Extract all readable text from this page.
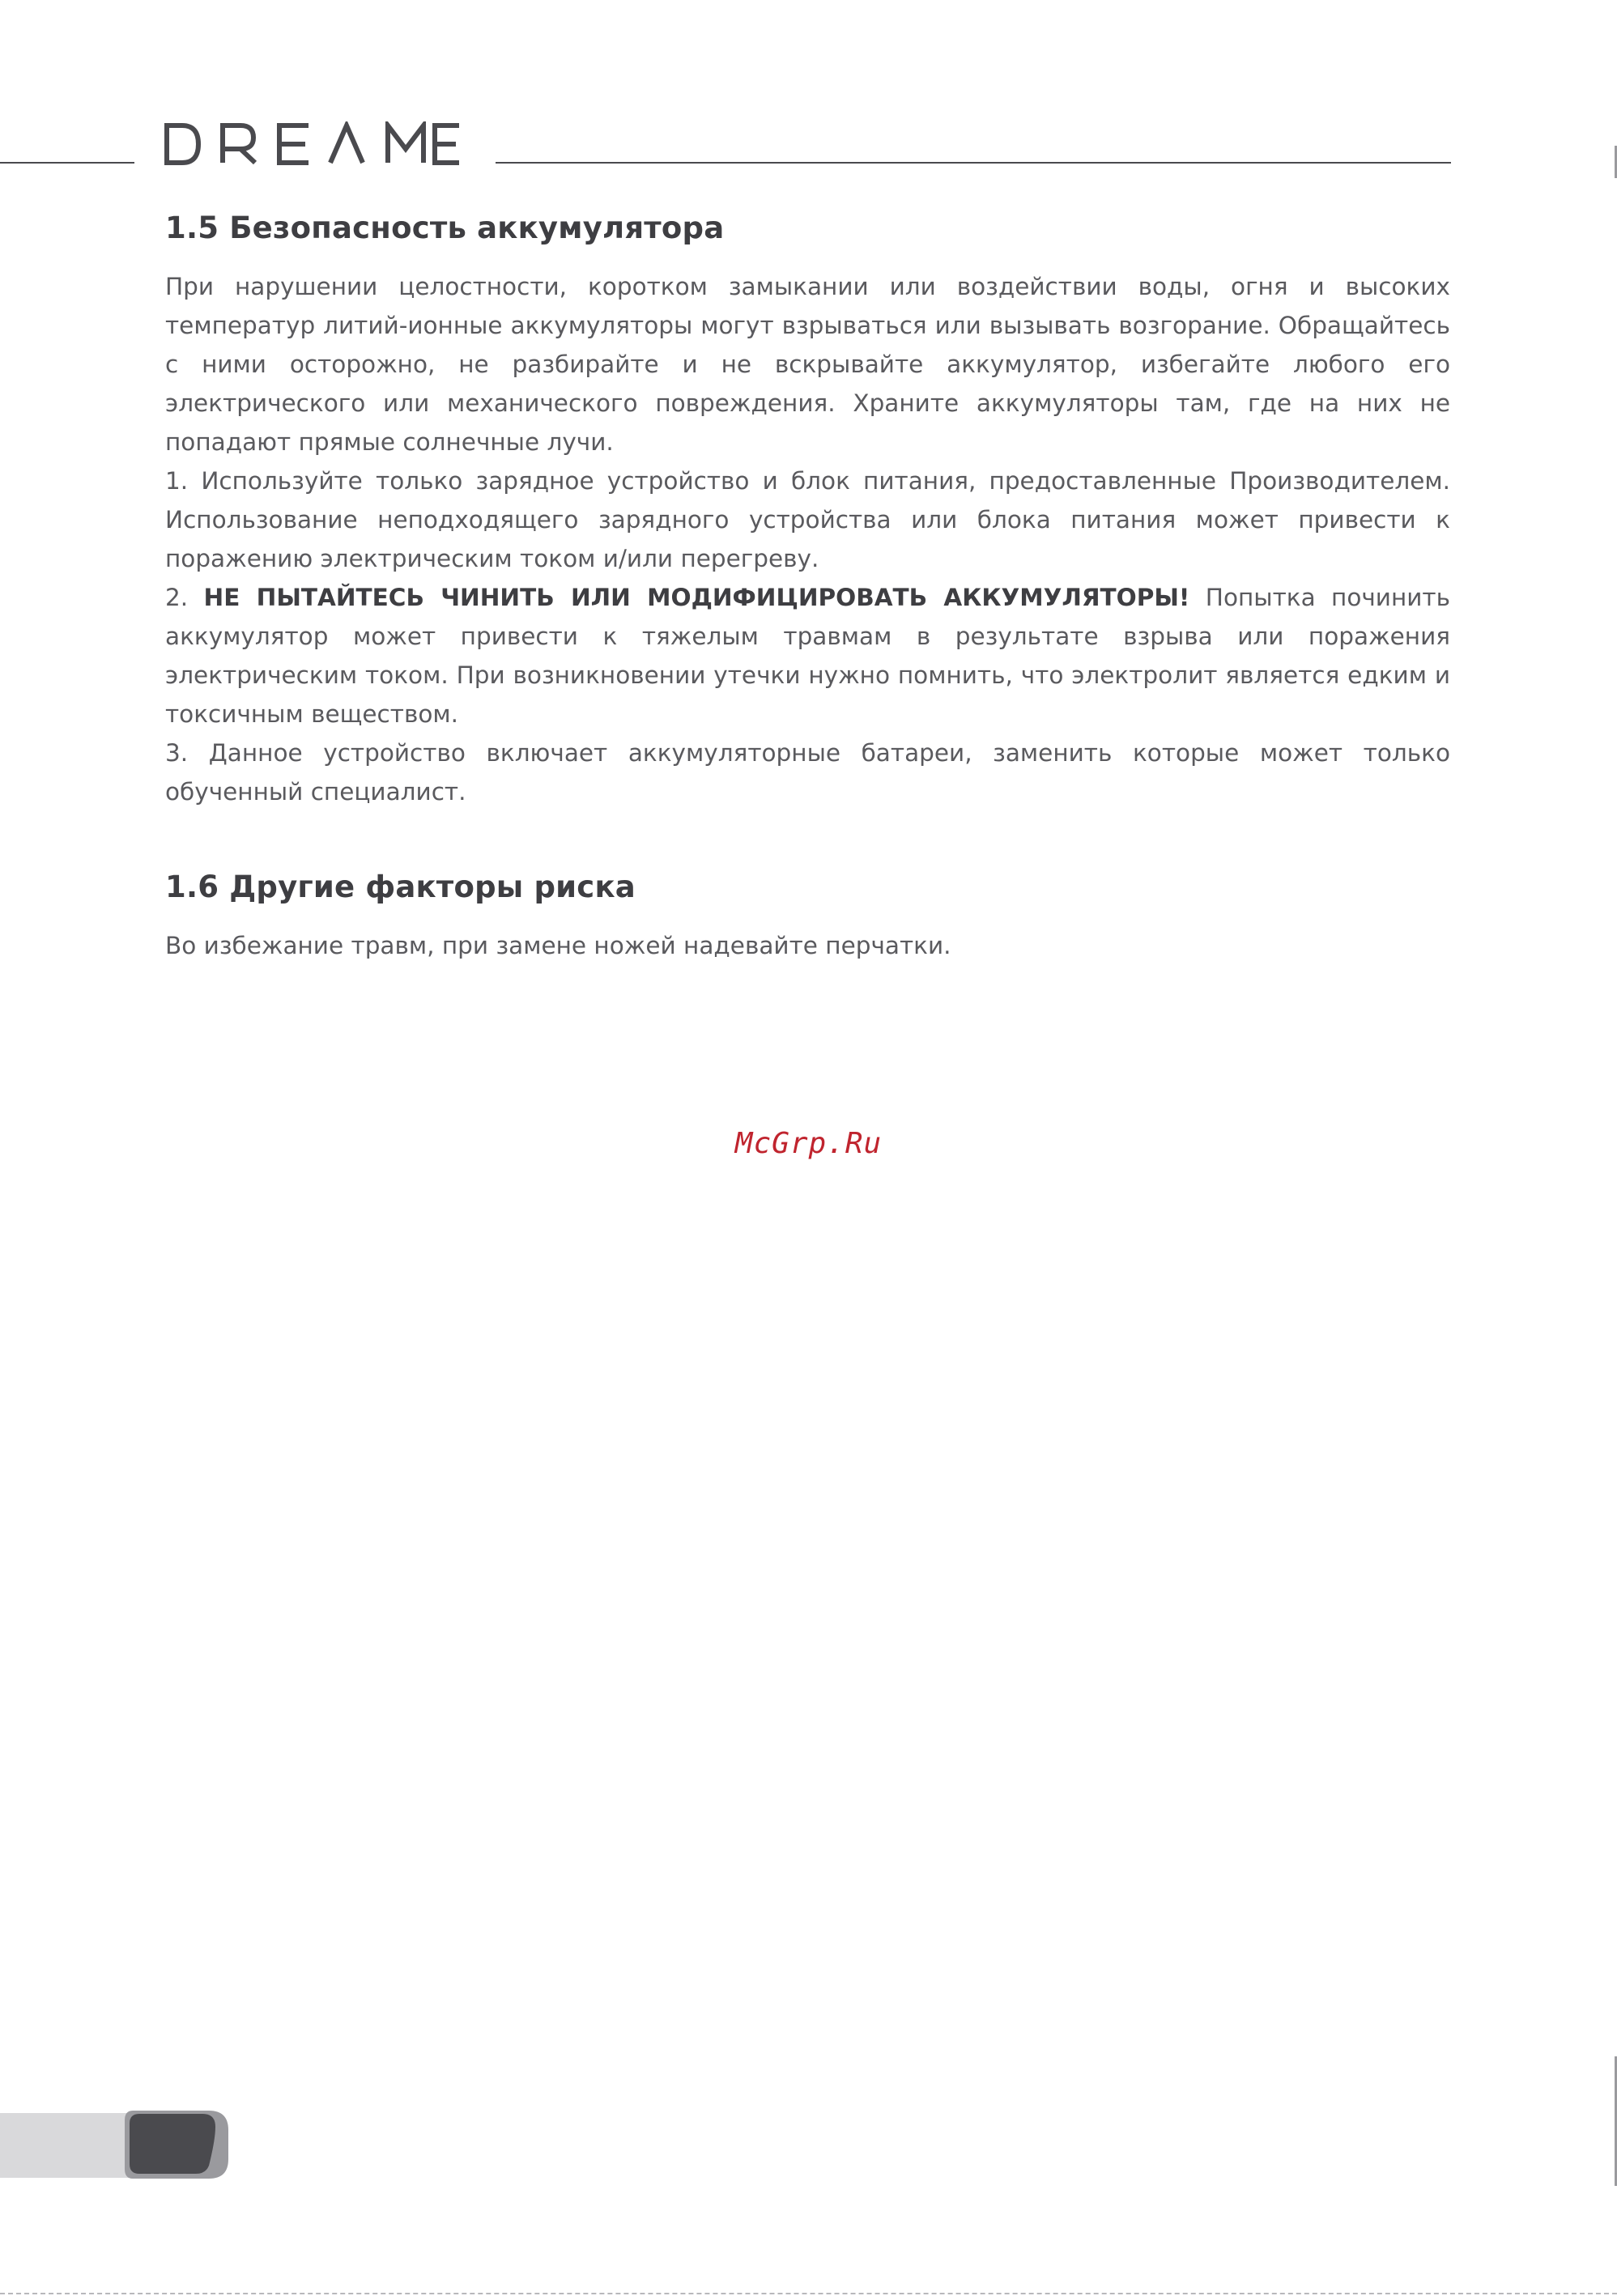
1.5 Безопасность аккумулятора

При нарушении целостности, коротком замыкании или воздействии воды, огня и высоких температур литий-ионные аккумуляторы могут взрываться или вызывать возгорание. Обращайтесь с ними осторожно, не разбирайте и не вскрывайте аккумулятор, избегайте любого его электрического или механического повреждения. Храните аккумуляторы там, где на них не попадают прямые солнечные лучи.

1. Используйте только зарядное устройство и блок питания, предоставленные Производителем. Использование неподходящего зарядного устройства или блока питания может привести к поражению электрическим током и/или перегреву.

2. НЕ ПЫТАЙТЕСЬ ЧИНИТЬ ИЛИ МОДИФИЦИРОВАТЬ АККУМУЛЯТОРЫ! Попытка починить аккумулятор может привести к тяжелым травмам в результате взрыва или поражения электрическим током. При возникновении утечки нужно помнить, что электролит является едким и токсичным веществом.

3. Данное устройство включает аккумуляторные батареи, заменить которые может только обученный специалист.

1.6 Другие факторы риска

Во избежание травм, при замене ножей надевайте перчатки.

McGrp.Ru
